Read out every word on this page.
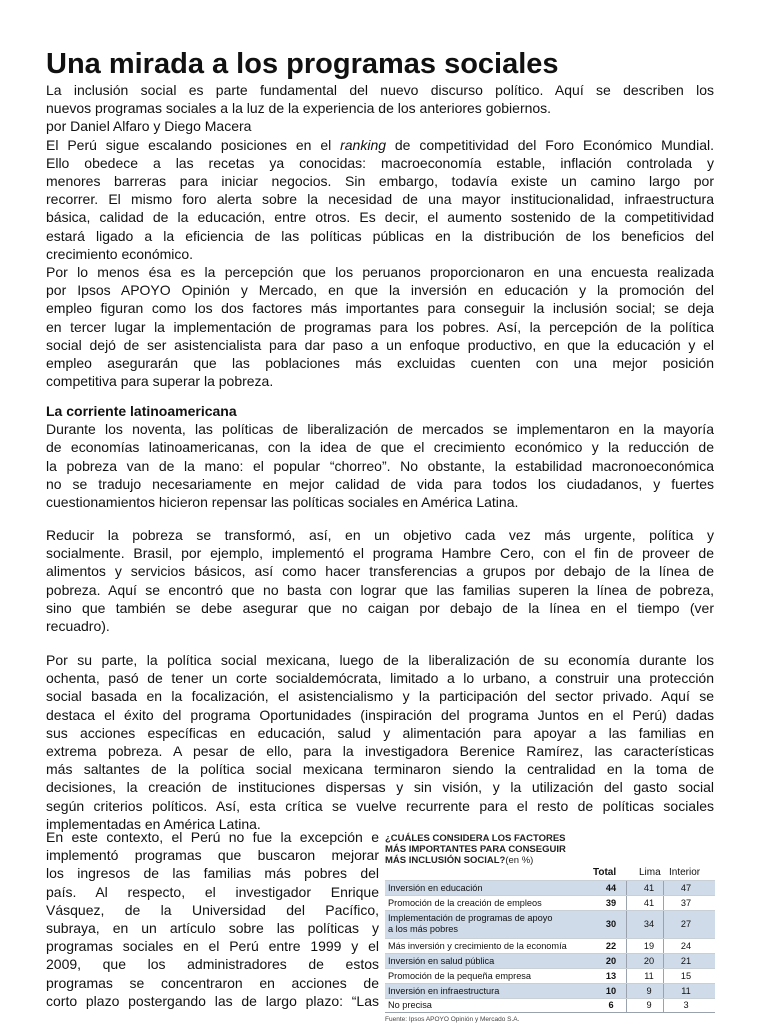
Una mirada a los programas sociales
La inclusión social es parte fundamental del nuevo discurso político. Aquí se describen los
nuevos programas sociales a la luz de la experiencia de los anteriores gobiernos.
por Daniel Alfaro y Diego Macera
El Perú sigue escalando posiciones en el ranking de competitividad del Foro Económico Mundial.
Ello obedece a las recetas ya conocidas: macroeconomía estable, inflación controlada y
menores barreras para iniciar negocios. Sin embargo, todavía existe un camino largo por
recorrer. El mismo foro alerta sobre la necesidad de una mayor institucionalidad, infraestructura
básica, calidad de la educación, entre otros. Es decir, el aumento sostenido de la competitividad
estará ligado a la eficiencia de las políticas públicas en la distribución de los beneficios del
crecimiento económico.
Por lo menos ésa es la percepción que los peruanos proporcionaron en una encuesta realizada
por Ipsos APOYO Opinión y Mercado, en que la inversión en educación y la promoción del
empleo figuran como los dos factores más importantes para conseguir la inclusión social; se deja
en tercer lugar la implementación de programas para los pobres. Así, la percepción de la política
social dejó de ser asistencialista para dar paso a un enfoque productivo, en que la educación y el
empleo asegurarán que las poblaciones más excluidas cuenten con una mejor posición
competitiva para superar la pobreza.
La corriente latinoamericana
Durante los noventa, las políticas de liberalización de mercados se implementaron en la mayoría
de economías latinoamericanas, con la idea de que el crecimiento económico y la reducción de
la pobreza van de la mano: el popular “chorreo”. No obstante, la estabilidad macronoeconómica
no se tradujo necesariamente en mejor calidad de vida para todos los ciudadanos, y fuertes
cuestionamientos hicieron repensar las políticas sociales en América Latina.
Reducir la pobreza se transformó, así, en un objetivo cada vez más urgente, política y
socialmente. Brasil, por ejemplo, implementó el programa Hambre Cero, con el fin de proveer de
alimentos y servicios básicos, así como hacer transferencias a grupos por debajo de la línea de
pobreza. Aquí se encontró que no basta con lograr que las familias superen la línea de pobreza,
sino que también se debe asegurar que no caigan por debajo de la línea en el tiempo (ver
recuadro).
Por su parte, la política social mexicana, luego de la liberalización de su economía durante los
ochenta, pasó de tener un corte socialdemócrata, limitado a lo urbano, a construir una protección
social basada en la focalización, el asistencialismo y la participación del sector privado. Aquí se
destaca el éxito del programa Oportunidades (inspiración del programa Juntos en el Perú) dadas
sus acciones específicas en educación, salud y alimentación para apoyar a las familias en
extrema pobreza. A pesar de ello, para la investigadora Berenice Ramírez, las características
más saltantes de la política social mexicana terminaron siendo la centralidad en la toma de
decisiones, la creación de instituciones dispersas y sin visión, y la utilización del gasto social
según criterios políticos. Así, esta crítica se vuelve recurrente para el resto de políticas sociales
implementadas en América Latina.
En este contexto, el Perú no fue la excepción e
implementó programas que buscaron mejorar
los ingresos de las familias más pobres del
país. Al respecto, el investigador Enrique
Vásquez, de la Universidad del Pacífico,
subraya, en un artículo sobre las políticas y
programas sociales en el Perú entre 1999 y el
2009, que los administradores de estos
programas se concentraron en acciones de
corto plazo postergando las de largo plazo: “Las
¿CUÁLES CONSIDERA LOS FACTORES
MÁS IMPORTANTES PARA CONSEGUIR
MÁS INCLUSIÓN SOCIAL?(en %)
Total Lima Interior
Inversión en educación	44	41	47
Promoción de la creación de empleos	39	41	37
Implementación de programas de apoyo
a los más pobres	30	34	27
Más inversión y crecimiento de la economía	22	19	24
Inversión en salud pública	20	20	21
Promoción de la pequeña empresa	13	11	15
Inversión en infraestructura	10	9	11
No precisa	6	9	3
Fuente: Ipsos APOYO Opinión y Mercado S.A.
